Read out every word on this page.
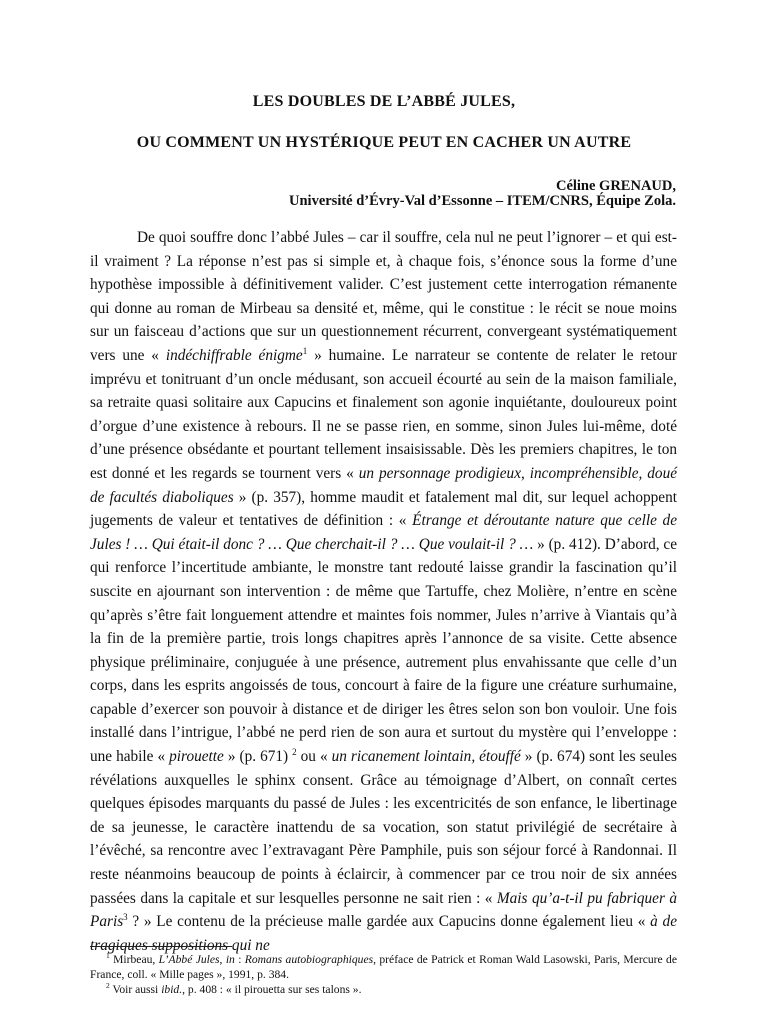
LES DOUBLES DE L’ABBÉ JULES,
OU COMMENT UN HYSTÉRIQUE PEUT EN CACHER UN AUTRE
Céline GRENAUD,
Université d’Évry-Val d’Essonne – ITEM/CNRS, Équipe Zola.

De quoi souffre donc l’abbé Jules – car il souffre, cela nul ne peut l’ignorer – et qui est-il vraiment ? La réponse n’est pas si simple et, à chaque fois, s’énonce sous la forme d’une hypothèse impossible à définitivement valider. C’est justement cette interrogation rémanente qui donne au roman de Mirbeau sa densité et, même, qui le constitue : le récit se noue moins sur un faisceau d’actions que sur un questionnement récurrent, convergeant systématiquement vers une « indéchiffrable énigme$^1$ » humaine. Le narrateur se contente de relater le retour imprévu et tonitruant d’un oncle médusant, son accueil écourté au sein de la maison familiale, sa retraite quasi solitaire aux Capucins et finalement son agonie inquiétante, douloureux point d’orgue d’une existence à rebours. Il ne se passe rien, en somme, sinon Jules lui-même, doté d’une présence obsédante et pourtant tellement insaisissable. Dès les premiers chapitres, le ton est donné et les regards se tournent vers « un personnage prodigieux, incompréhensible, doué de facultés diaboliques » (p. 357), homme maudit et fatalement mal dit, sur lequel achoppent jugements de valeur et tentatives de définition : « Étrange et déroutante nature que celle de Jules ! … Qui était-il donc ? … Que cherchait-il ? … Que voulait-il ? … » (p. 412). D’abord, ce qui renforce l’incertitude ambiante, le monstre tant redouté laisse grandir la fascination qu’il suscite en ajournant son intervention : de même que Tartuffe, chez Molière, n’entre en scène qu’après s’être fait longuement attendre et maintes fois nommer, Jules n’arrive à Viantais qu’à la fin de la première partie, trois longs chapitres après l’annonce de sa visite. Cette absence physique préliminaire, conjuguée à une présence, autrement plus envahissante que celle d’un corps, dans les esprits angoissés de tous, concourt à faire de la figure une créature surhumaine, capable d’exercer son pouvoir à distance et de diriger les êtres selon son bon vouloir. Une fois installé dans l’intrigue, l’abbé ne perd rien de son aura et surtout du mystère qui l’enveloppe : une habile « pirouette » (p. 671) $^2$ ou « un ricanement lointain, étouffé » (p. 674) sont les seules révélations auxquelles le sphinx consent. Grâce au témoignage d’Albert, on connaît certes quelques épisodes marquants du passé de Jules : les excentricités de son enfance, le libertinage de sa jeunesse, le caractère inattendu de sa vocation, son statut privilégié de secrétaire à l’évêché, sa rencontre avec l’extravagant Père Pamphile, puis son séjour forcé à Randonnai. Il reste néanmoins beaucoup de points à éclaircir, à commencer par ce trou noir de six années passées dans la capitale et sur lesquelles personne ne sait rien : « Mais qu’a-t-il pu fabriquer à Paris$^3$ ? » Le contenu de la précieuse malle gardée aux Capucins donne également lieu « à de tragiques suppositions qui ne

$^1$ Mirbeau, L’Abbé Jules, in : Romans autobiographiques, préface de Patrick et Roman Wald Lasowski, Paris, Mercure de France, coll. « Mille pages », 1991, p. 384.

$^2$ Voir aussi ibid., p. 408 : « il pirouetta sur ses talons ».
